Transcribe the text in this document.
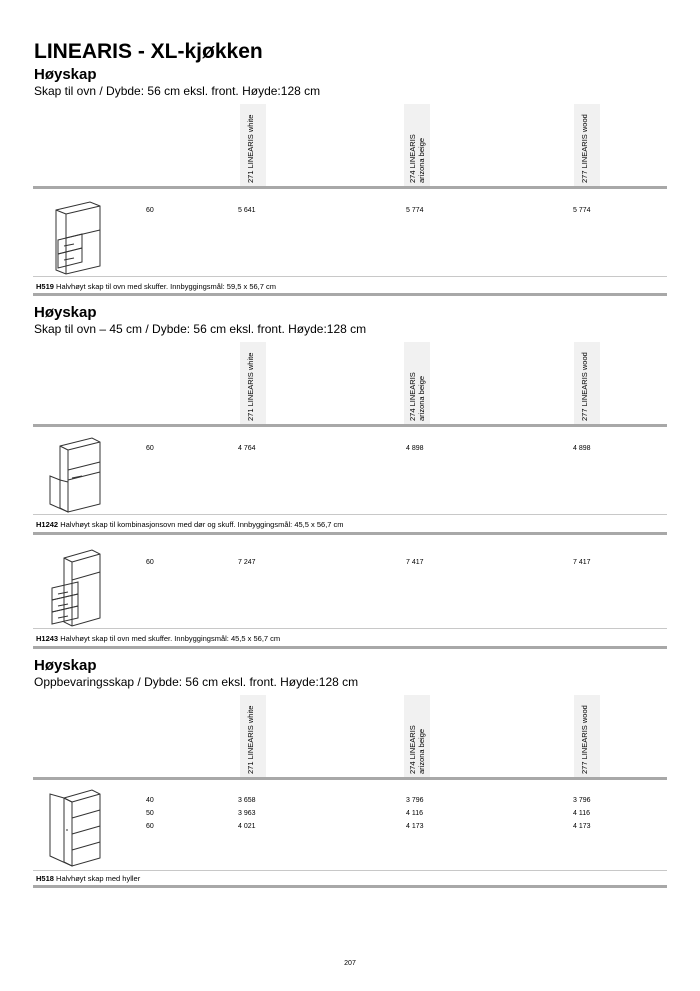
LINEARIS - XL-kjøkken
Høyskap
Skap til ovn / Dybde: 56 cm eksl. front. Høyde:128 cm
271 LINEARIS white	274 LINEARIS arizona beige	277 LINEARIS wood
60	5 641	5 774	5 774
H519 Halvhøyt skap til ovn med skuffer. Innbyggingsmål: 59,5 x 56,7 cm
Høyskap
Skap til ovn – 45 cm / Dybde: 56 cm eksl. front. Høyde:128 cm
271 LINEARIS white	274 LINEARIS arizona beige	277 LINEARIS wood
60	4 764	4 898	4 898
H1242 Halvhøyt skap til kombinasjonsovn med dør og skuff. Innbyggingsmål: 45,5 x 56,7 cm
60	7 247	7 417	7 417
H1243 Halvhøyt skap til ovn med skuffer. Innbyggingsmål: 45,5 x 56,7 cm
Høyskap
Oppbevaringsskap / Dybde: 56 cm eksl. front. Høyde:128 cm
271 LINEARIS white	274 LINEARIS arizona beige	277 LINEARIS wood
40	3 658	3 796	3 796
50	3 963	4 116	4 116
60	4 021	4 173	4 173
H518 Halvhøyt skap med hyller
207
